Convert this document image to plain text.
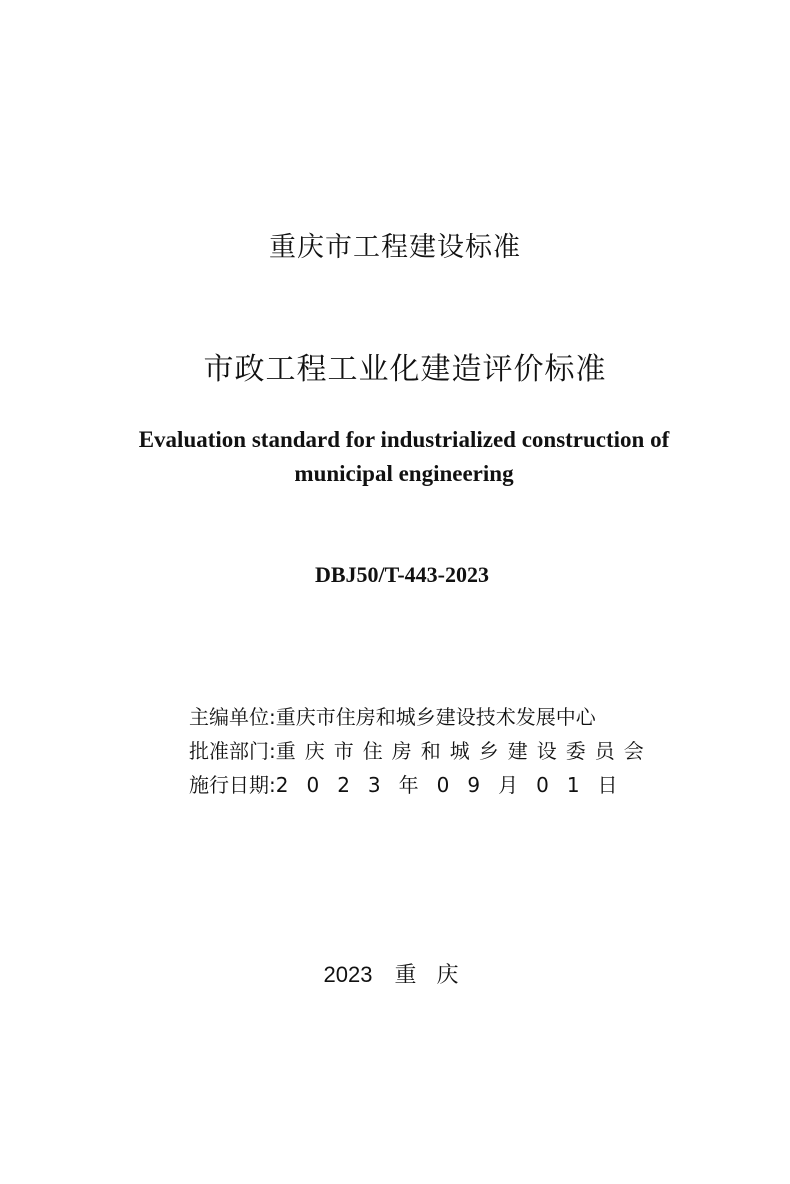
重庆市工程建设标准
市政工程工业化建造评价标准
Evaluation standard for industrialized construction of
municipal engineering
DBJ50/T-443-2023
主编单位:重庆市住房和城乡建设技术发展中心
批准部门:重庆市住房和城乡建设委员会
施行日期:2023年09月01日
2023 重庆
